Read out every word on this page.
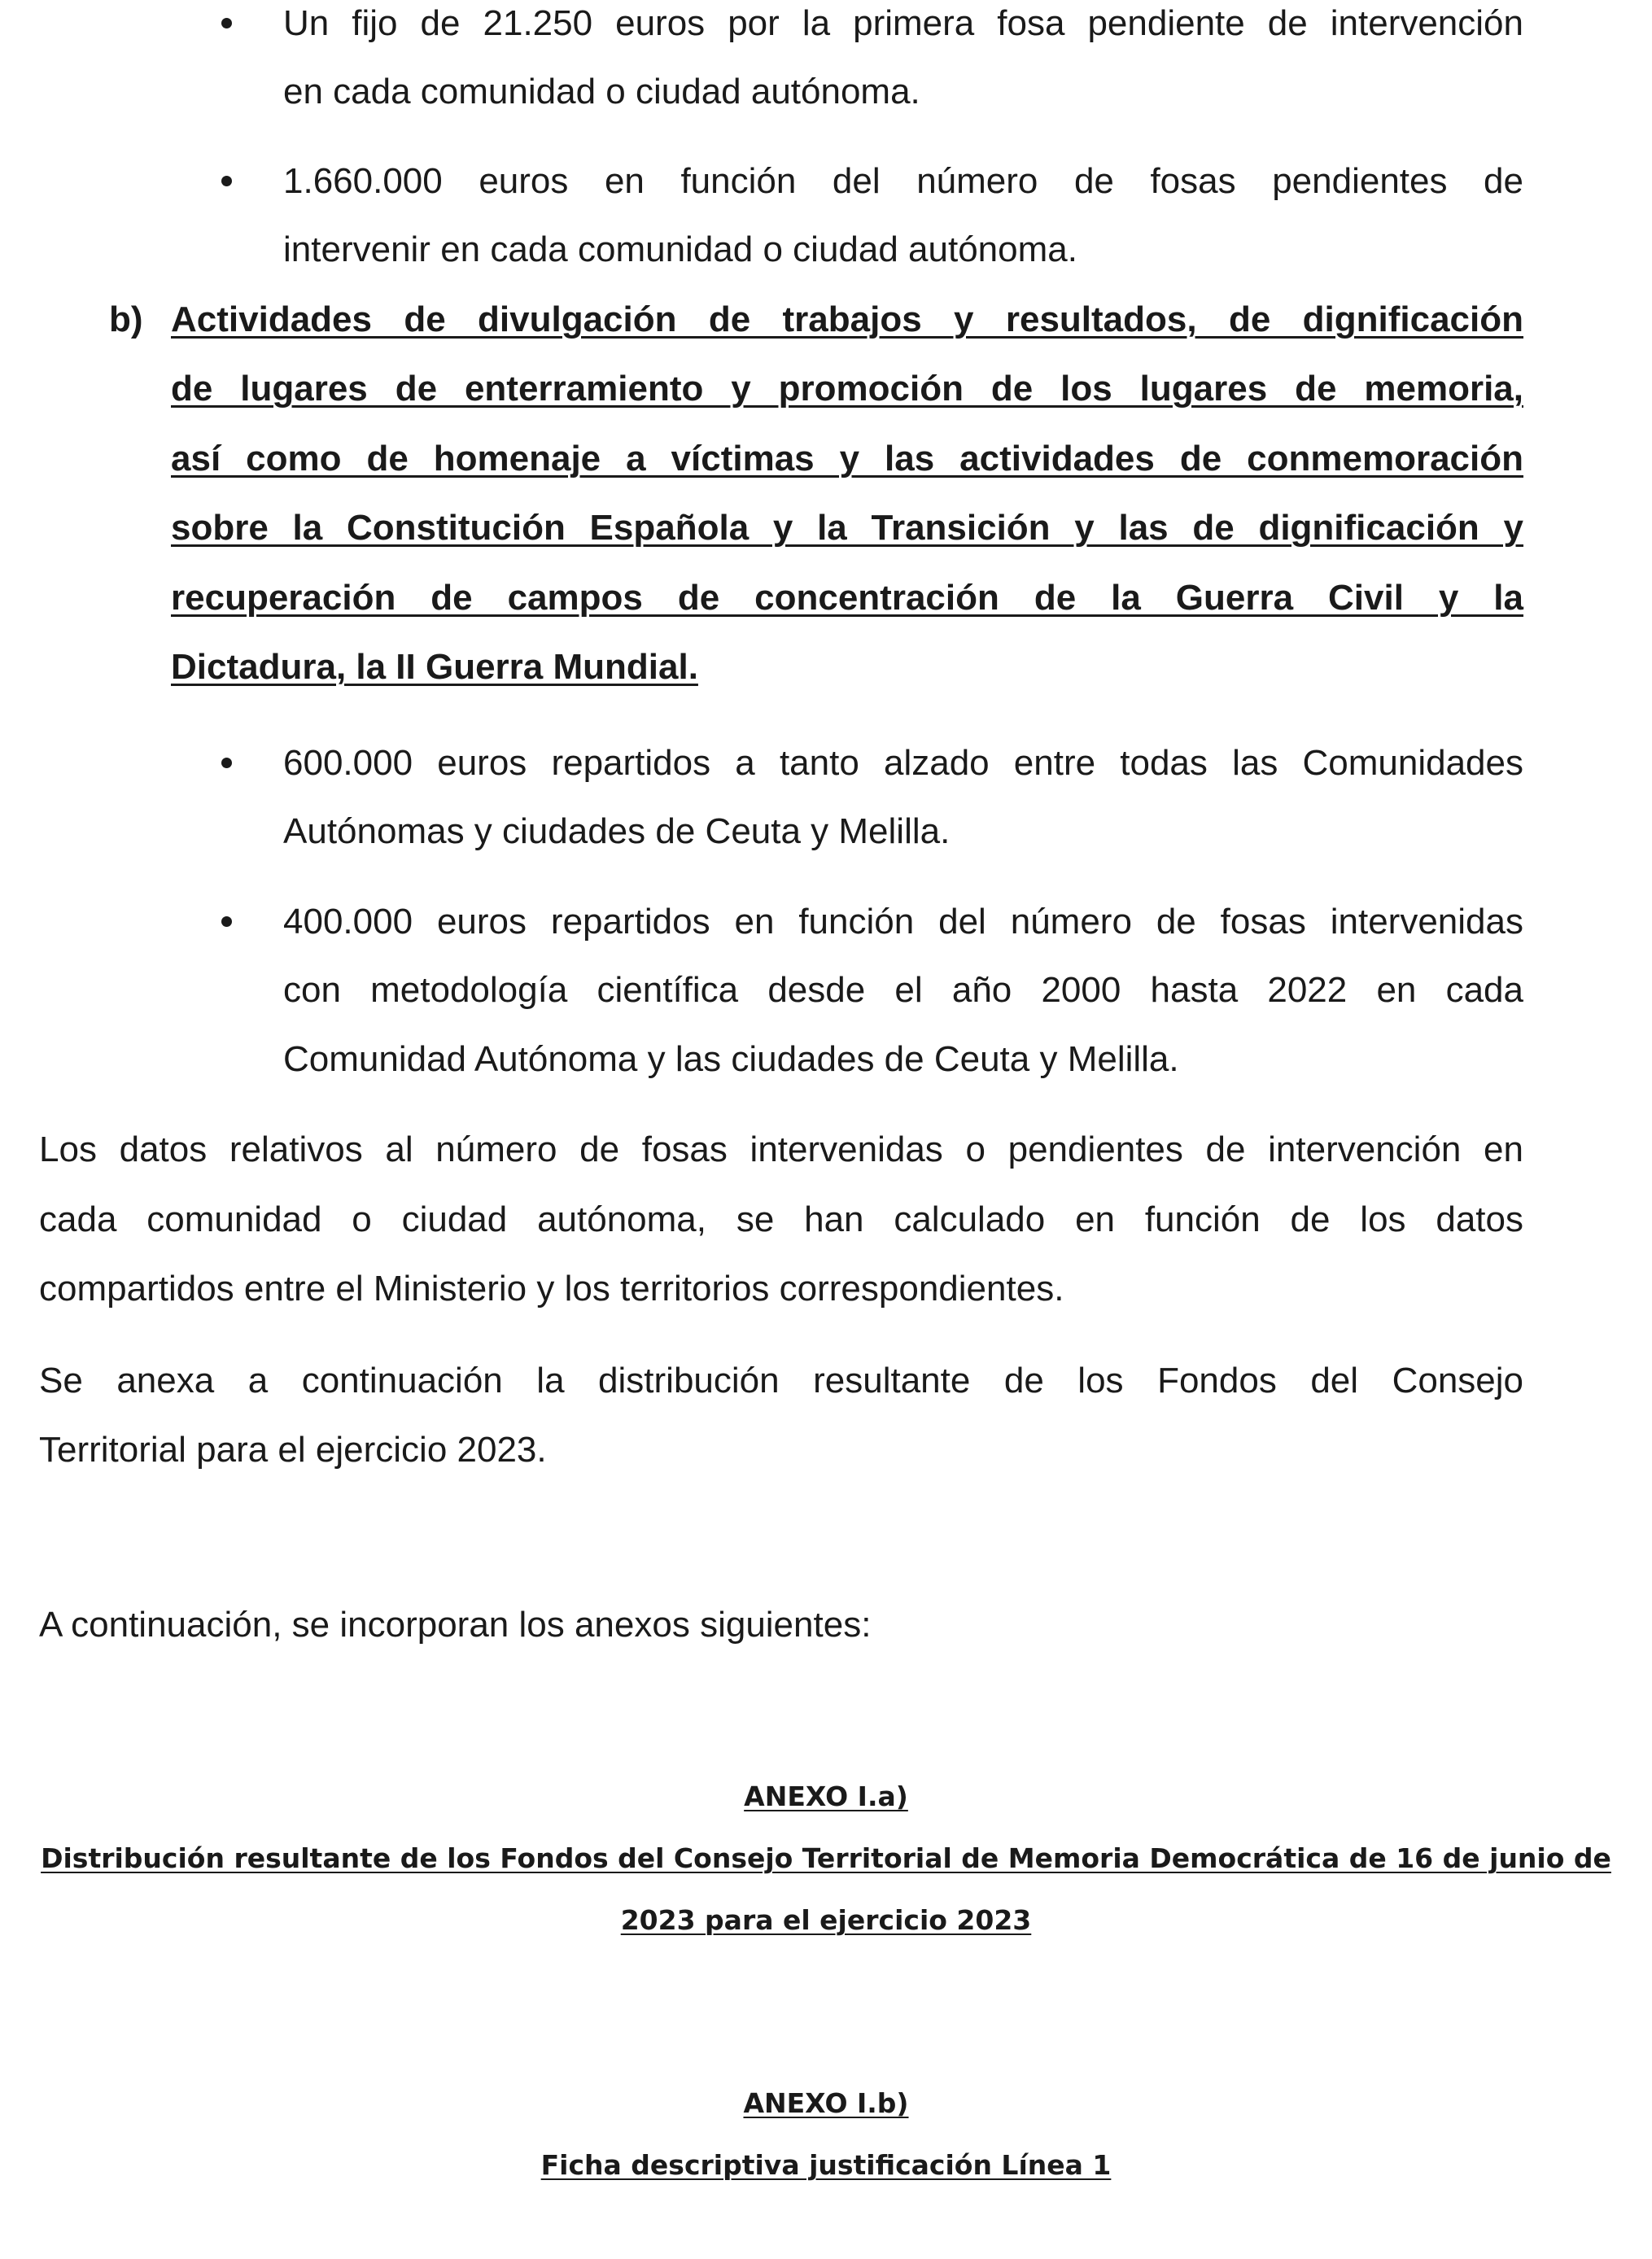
Un fijo de 21.250 euros por la primera fosa pendiente de intervención
en cada comunidad o ciudad autónoma.
1.660.000 euros en función del número de fosas pendientes de
intervenir en cada comunidad o ciudad autónoma.
b) Actividades de divulgación de trabajos y resultados, de dignificación
de lugares de enterramiento y promoción de los lugares de memoria,
así como de homenaje a víctimas y las actividades de conmemoración
sobre la Constitución Española y la Transición y las de dignificación y
recuperación de campos de concentración de la Guerra Civil y la
Dictadura, la II Guerra Mundial.
600.000 euros repartidos a tanto alzado entre todas las Comunidades
Autónomas y ciudades de Ceuta y Melilla.
400.000 euros repartidos en función del número de fosas intervenidas
con metodología científica desde el año 2000 hasta 2022 en cada
Comunidad Autónoma y las ciudades de Ceuta y Melilla.
Los datos relativos al número de fosas intervenidas o pendientes de intervención en
cada comunidad o ciudad autónoma, se han calculado en función de los datos
compartidos entre el Ministerio y los territorios correspondientes.
Se anexa a continuación la distribución resultante de los Fondos del Consejo
Territorial para el ejercicio 2023.
A continuación, se incorporan los anexos siguientes:
ANEXO I.a)
Distribución resultante de los Fondos del Consejo Territorial de Memoria Democrática de 16 de junio de
2023 para el ejercicio 2023
ANEXO I.b)
Ficha descriptiva justificación Línea 1
